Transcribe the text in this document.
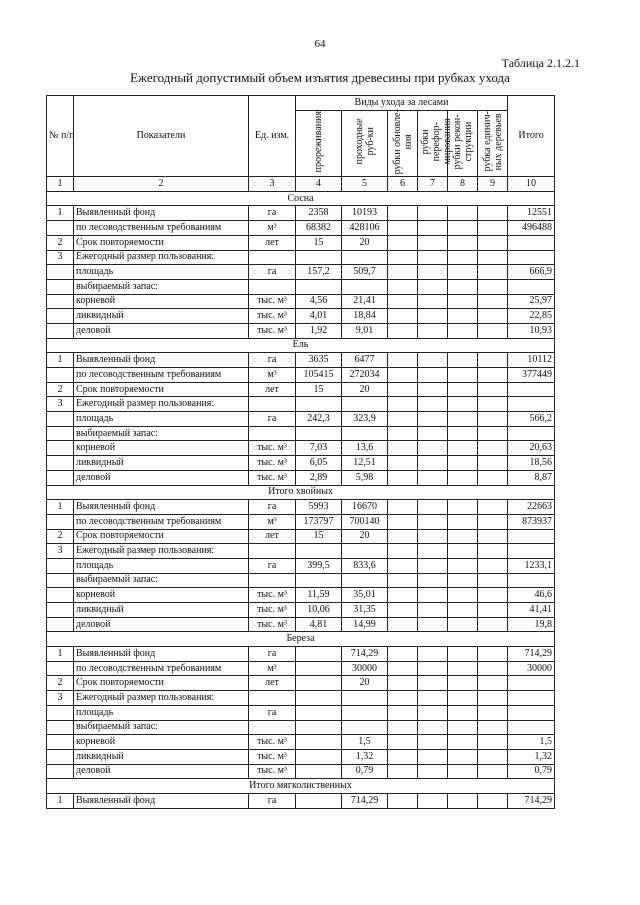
64
Таблица 2.1.2.1
Ежегодный допустимый объем изъятия древесины при рубках ухода
№ п/п	Показатели	Ед. изм.	Виды ухода за лесами						Итого
			прореживания	проходные руб-ки	рубки обновле-ния	рубки перефор-мирования	рубки рекон-струкции	рубка единич-ных деревьев	
1	2	3	4	5	6	7	8	9	10
Сосна									
1	Выявленный фонд	га	2358	10193					12551
	по лесоводственным требованиям	м³	68382	428106					496488
2	Срок повторяемости	лет	15	20					
3	Ежегодный размер пользования:								
	площадь	га	157,2	509,7					666,9
	выбираемый запас:								
	корневой	тыс. м³	4,56	21,41					25,97
	ликвидный	тыс. м³	4,01	18,84					22,85
	деловой	тыс. м³	1,92	9,01					10,93
Ель									
1	Выявленный фонд	га	3635	6477					10112
	по лесоводственным требованиям	м³	105415	272034					377449
2	Срок повторяемости	лет	15	20					
3	Ежегодный размер пользования:								
	площадь	га	242,3	323,9					566,2
	выбираемый запас:								
	корневой	тыс. м³	7,03	13,6					20,63
	ликвидный	тыс. м³	6,05	12,51					18,56
	деловой	тыс. м³	2,89	5,98					8,87
Итого хвойных									
1	Выявленный фонд	га	5993	16670					22663
	по лесоводственным требованиям	м³	173797	700140					873937
2	Срок повторяемости	лет	15	20					
3	Ежегодный размер пользования:								
	площадь	га	399,5	833,6					1233,1
	выбираемый запас:								
	корневой	тыс. м³	11,59	35,01					46,6
	ликвидный	тыс. м³	10,06	31,35					41,41
	деловой	тыс. м³	4,81	14,99					19,8
Береза									
1	Выявленный фонд	га		714,29					714,29
	по лесоводственным требованиям	м³		30000					30000
2	Срок повторяемости	лет		20					
3	Ежегодный размер пользования:								
	площадь	га							
	выбираемый запас:								
	корневой	тыс. м³		1,5					1,5
	ликвидный	тыс. м³		1,32					1,32
	деловой	тыс. м³		0,79					0,79
Итого мягколиственных									
1	Выявленный фонд	га		714,29					714,29
